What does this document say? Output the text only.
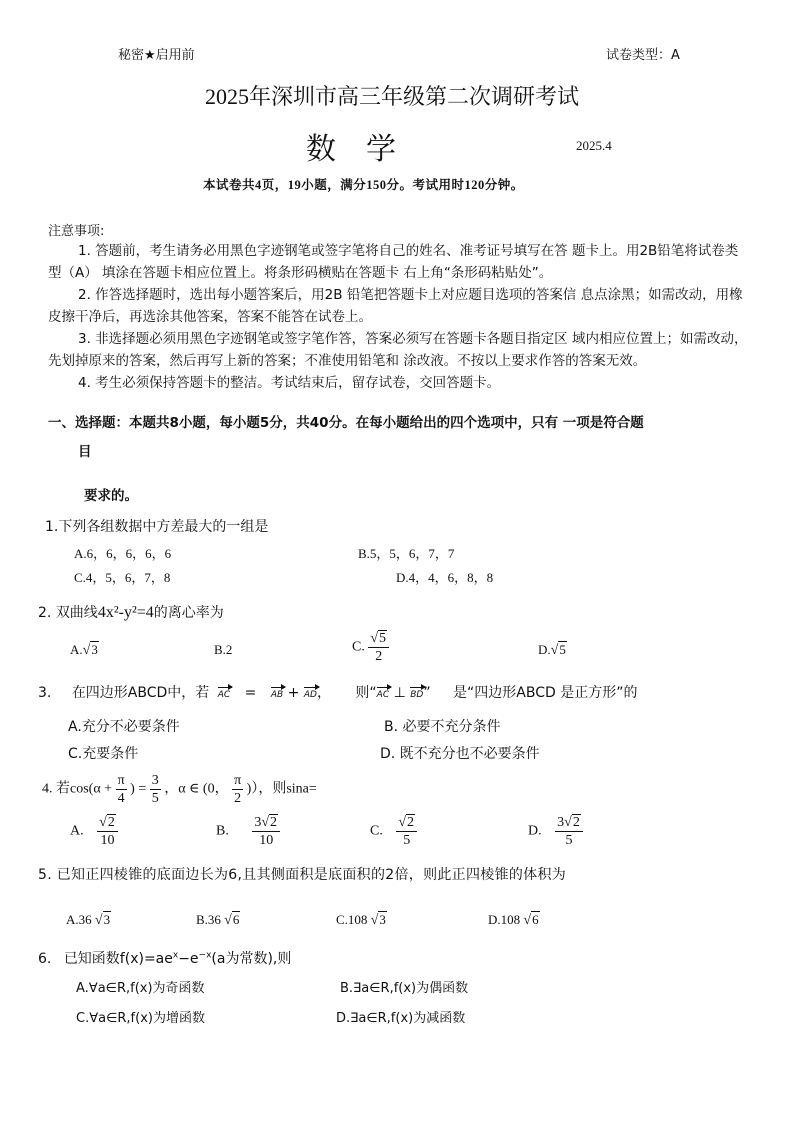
秘密★启用前	试卷类型：A
2025年深圳市高三年级第二次调研考试
数    学	2025.4
本试卷共4页，19小题，满分150分。考试用时120分钟。
注意事项:
1. 答题前，考生请务必用黑色字迹钢笔或签字笔将自己的姓名、准考证号填写在答 题卡上。用2B铅笔将试卷类型（A） 填涂在答题卡相应位置上。将条形码横贴在答题卡 右上角“条形码粘贴处”。
2. 作答选择题时，选出每小题答案后，用2B 铅笔把答题卡上对应题目选项的答案信 息点涂黑；如需改动，用橡皮擦干净后，再选涂其他答案，答案不能答在试卷上。
3. 非选择题必须用黑色字迹钢笔或签字笔作答，答案必须写在答题卡各题目指定区 域内相应位置上；如需改动，先划掉原来的答案，然后再写上新的答案；不准使用铅笔和 涂改液。不按以上要求作答的答案无效。
4. 考生必须保持答题卡的整洁。考试结束后，留存试卷，交回答题卡。
一、选择题：本题共8小题，每小题5分，共40分。在每小题给出的四个选项中，只有 一项是符合题
目
要求的。
1.下列各组数据中方差最大的一组是
A.6，6，6，6，6	B.5，5，6，7，7
C.4，5，6，7，8	D.4，4，6，8，8
2. 双曲线4x²-y²=4的离心率为
A.√3	B.2	C. $\frac{√5}{2}$	D.√5
3. 在四边形ABCD中，若 AC = AB + AD， 则“AC ⊥ BD” 是“四边形ABCD 是正方形”的
A.充分不必要条件	B. 必要不充分条件
C.充要条件	D. 既不充分也不必要条件
4. 若$\cos(\alpha + \frac{\pi}{4}$ ) = $\frac{3}{5}$ ，α ∈ (0， $\frac{\pi}{2}$ )），则sina=
A. $\frac{√2}{10}$	B. $\frac{3√2}{10}$	C. $\frac{√2}{5}$	D. $\frac{3√2}{5}$
5. 已知正四棱锥的底面边长为6,且其侧面积是底面积的2倍，则此正四棱锥的体积为
A.36 √3	B.36 √6	C.108 √3	D.108 √6
6. 已知函数$f(x)=ae^x-e^{-x}(a$为常数),则
A.∀a∈R,f(x)为奇函数	B.∃a∈R,f(x)为偶函数
C.∀a∈R,f(x)为增函数	D.∃a∈R,f(x)为减函数
